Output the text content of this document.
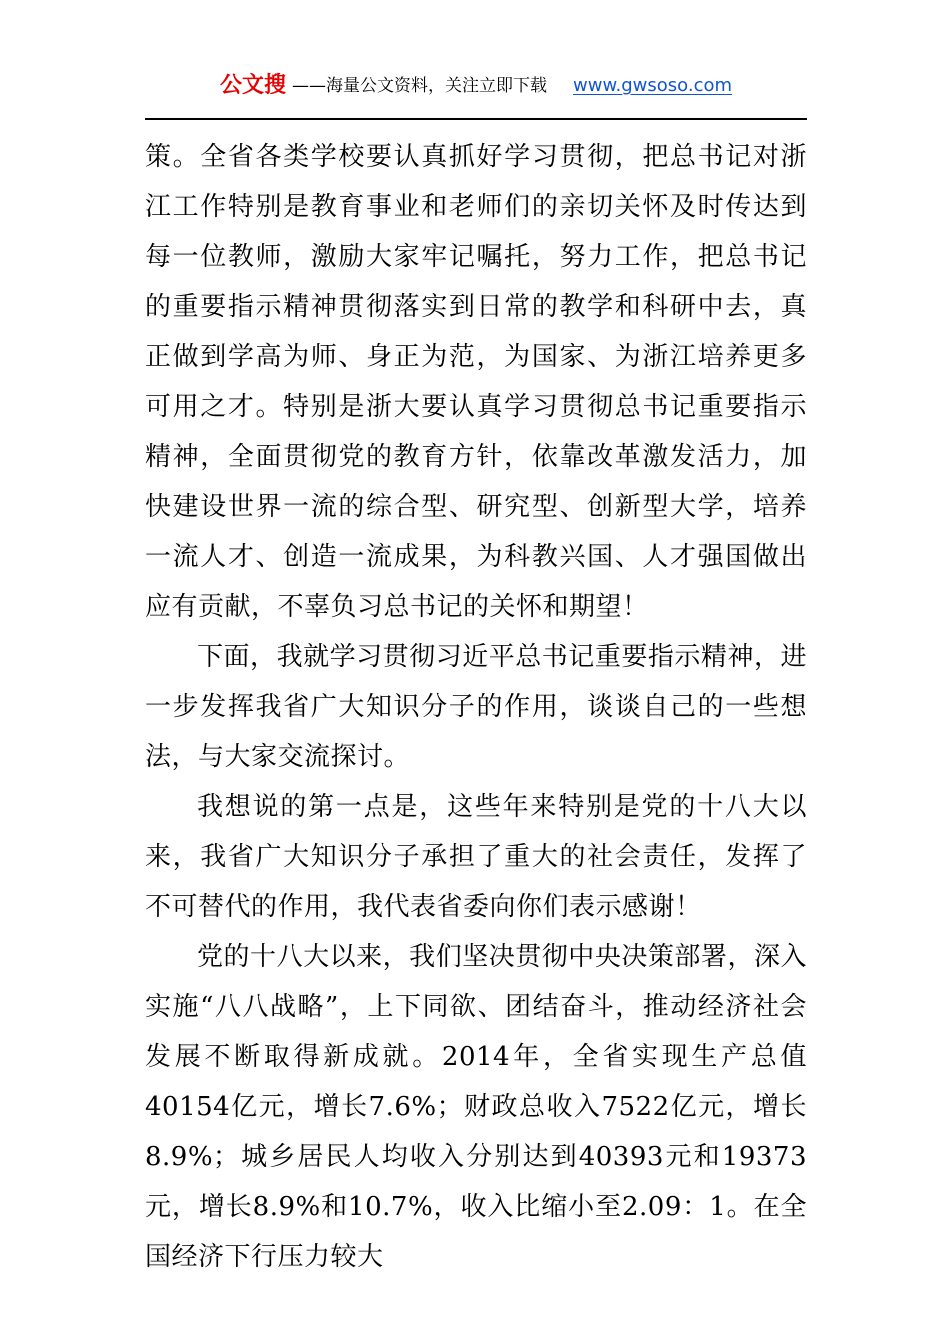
公文搜 ——海量公文资料，关注立即下载 www.gwsoso.com

策。全省各类学校要认真抓好学习贯彻，把总书记对浙江工作特别是教育事业和老师们的亲切关怀及时传达到每一位教师，激励大家牢记嘱托，努力工作，把总书记的重要指示精神贯彻落实到日常的教学和科研中去，真正做到学高为师、身正为范，为国家、为浙江培养更多可用之才。特别是浙大要认真学习贯彻总书记重要指示精神，全面贯彻党的教育方针，依靠改革激发活力，加快建设世界一流的综合型、研究型、创新型大学，培养一流人才、创造一流成果，为科教兴国、人才强国做出应有贡献，不辜负习总书记的关怀和期望！

下面，我就学习贯彻习近平总书记重要指示精神，进一步发挥我省广大知识分子的作用，谈谈自己的一些想法，与大家交流探讨。

我想说的第一点是，这些年来特别是党的十八大以来，我省广大知识分子承担了重大的社会责任，发挥了不可替代的作用，我代表省委向你们表示感谢！

党的十八大以来，我们坚决贯彻中央决策部署，深入实施“八八战略”，上下同欲、团结奋斗，推动经济社会发展不断取得新成就。2014年，全省实现生产总值40154亿元，增长7.6%；财政总收入7522亿元，增长8.9%；城乡居民人均收入分别达到40393元和19373元，增长8.9%和10.7%，收入比缩小至2.09：1。在全国经济下行压力较大
